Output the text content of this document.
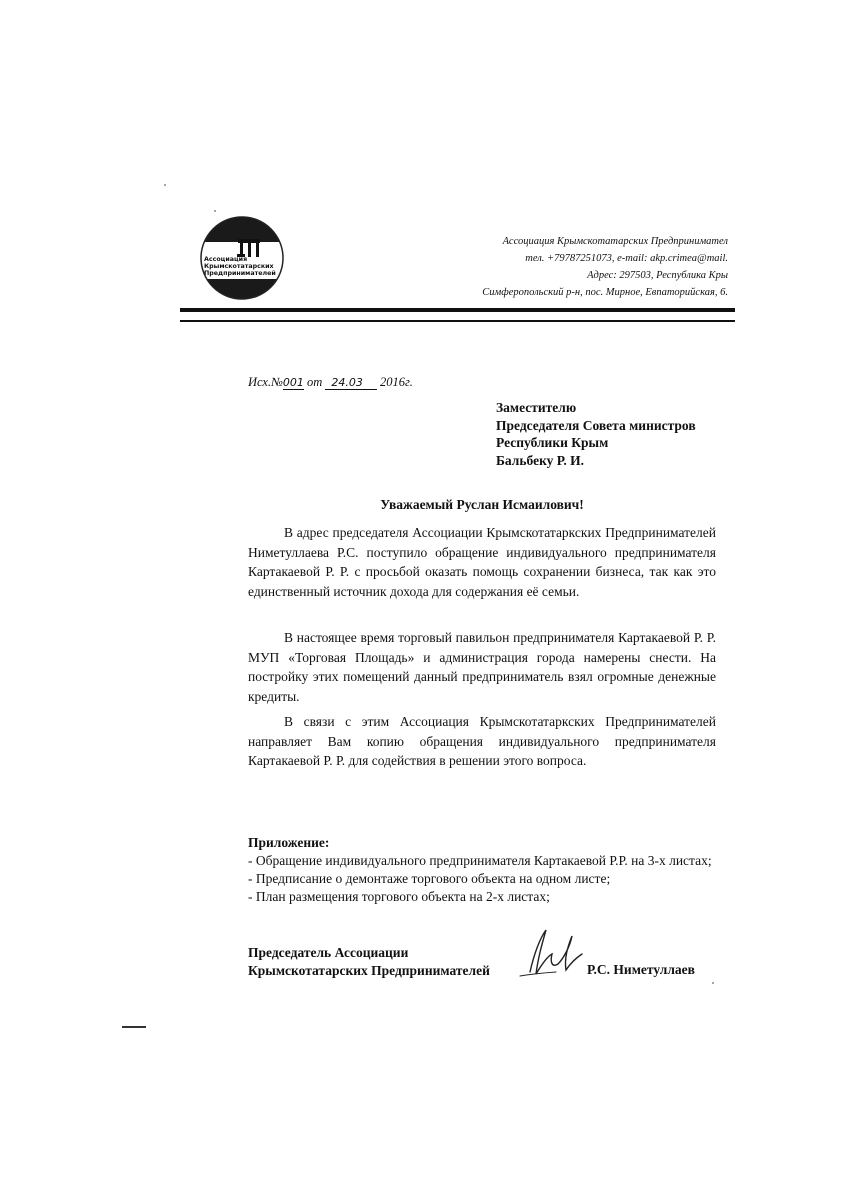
Ассоциация
Крымскотатарских
Предпринимателей
Ассоциация Крымскотатарских Предпринимател
тел. +79787251073, e-mail: akp.crimea@mail.
Адрес: 297503, Республика Кры
Симферопольский р-н, пос. Мирное, Евпаторийская, 6.
Исх.№001 от 24.03 2016г.
Заместителю
Председателя Совета министров
Республики Крым
Бальбеку Р. И.
Уважаемый Руслан Исмаилович!
В адрес председателя Ассоциации Крымскотатаркских Предпринимателей Ниметуллаева Р.С. поступило обращение индивидуального предпринимателя Картакаевой Р. Р. с просьбой оказать помощь сохранении бизнеса, так как это единственный источник дохода для содержания её семьи.
В настоящее время торговый павильон предпринимателя Картакаевой Р. Р. МУП «Торговая Площадь» и администрация города намерены снести. На постройку этих помещений данный предприниматель взял огромные денежные кредиты.
В связи с этим Ассоциация Крымскотатаркских Предпринимателей направляет Вам копию обращения индивидуального предпринимателя Картакаевой Р. Р. для содействия в решении этого вопроса.
Приложение:
- Обращение индивидуального предпринимателя Картакаевой Р.Р. на 3-х листах;
- Предписание о демонтаже торгового объекта на одном листе;
- План размещения торгового объекта на 2-х листах;
Председатель Ассоциации
Крымскотатарских Предпринимателей	Р.С. Ниметуллаев
